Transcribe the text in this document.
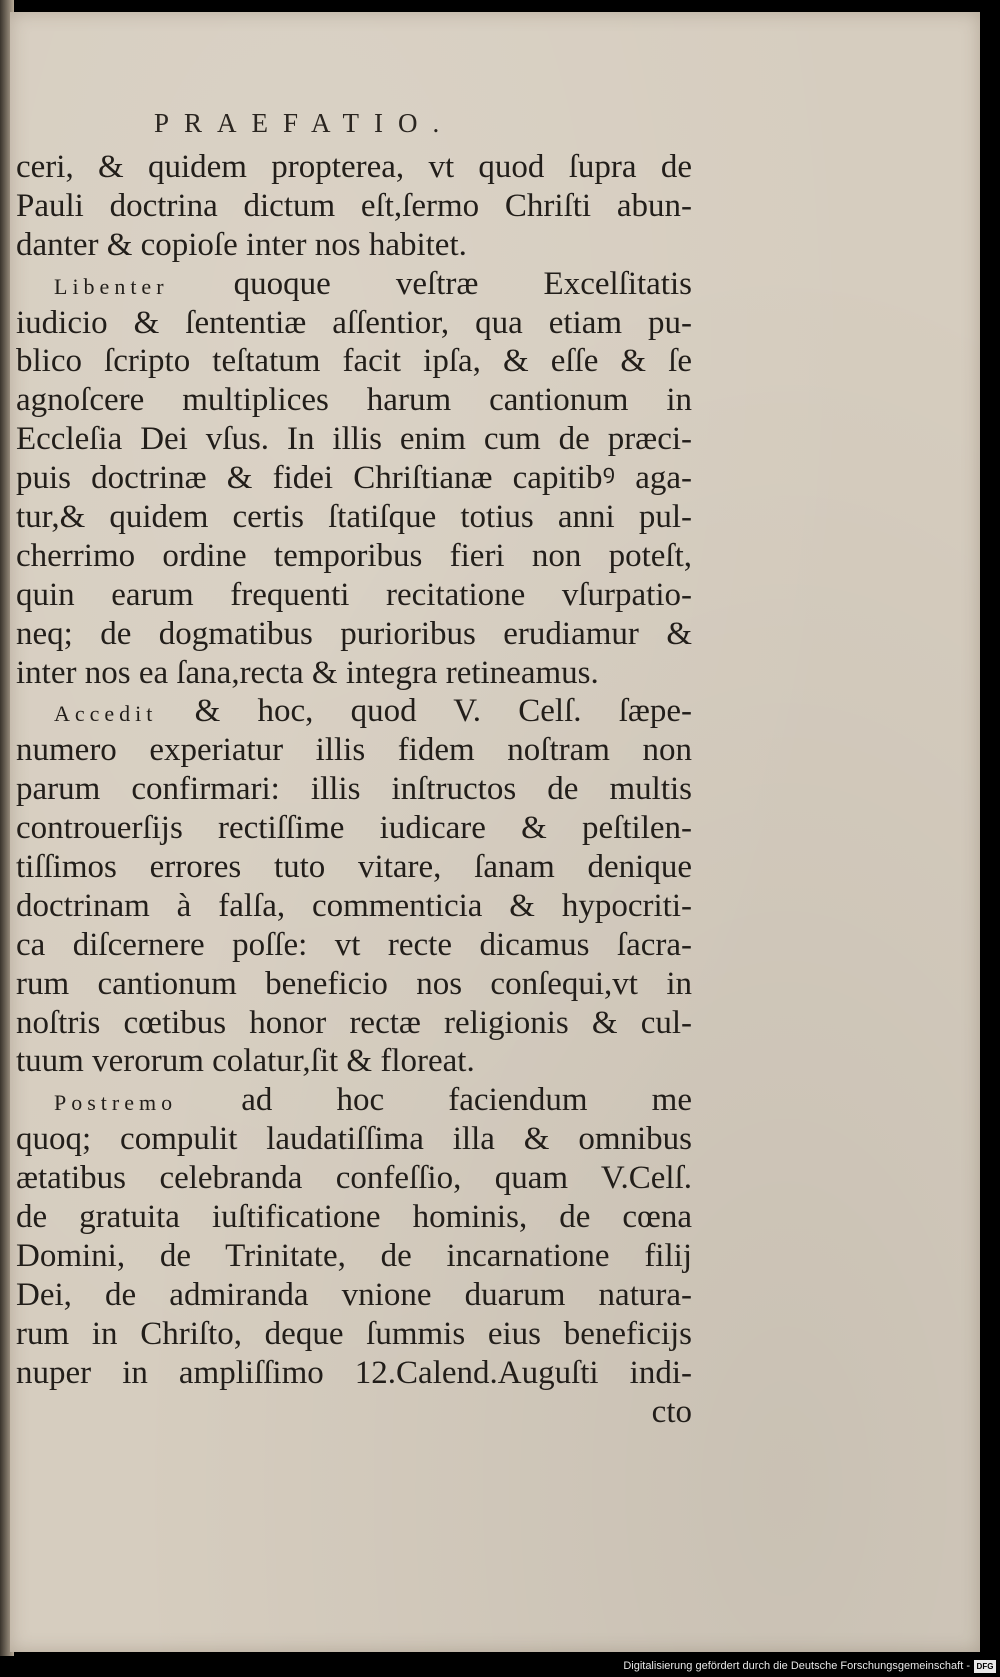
PRAEFATIO.
ceri, & quidem propterea, vt quod ſupra de
Pauli doctrina dictum eſt,ſermo Chriſti abun-
danter & copioſe inter nos habitet.
Libenter quoque veſtræ Excelſitatis
iudicio & ſententiæ aſſentior, qua etiam pu-
blico ſcripto teſtatum facit ipſa, & eſſe & ſe
agnoſcere multiplices harum cantionum in
Eccleſia Dei vſus. In illis enim cum de præci-
puis doctrinæ & fidei Chriſtianæ capitibꝰ aga-
tur,& quidem certis ſtatiſque totius anni pul-
cherrimo ordine temporibus fieri non poteſt,
quin earum frequenti recitatione vſurpatio-
neq; de dogmatibus purioribus erudiamur &
inter nos ea ſana,recta & integra retineamus.
Accedit & hoc, quod V. Celſ. ſæpe-
numero experiatur illis fidem noſtram non
parum confirmari: illis inſtructos de multis
controuerſijs rectiſſime iudicare & peſtilen-
tiſſimos errores tuto vitare, ſanam denique
doctrinam à falſa, commenticia & hypocriti-
ca diſcernere poſſe: vt recte dicamus ſacra-
rum cantionum beneficio nos conſequi,vt in
noſtris cœtibus honor rectæ religionis & cul-
tuum verorum colatur,ſit & floreat.
Postremo ad hoc faciendum me
quoq; compulit laudatiſſima illa & omnibus
ætatibus celebranda confeſſio, quam V.Celſ.
de gratuita iuſtificatione hominis, de cœna
Domini, de Trinitate, de incarnatione filij
Dei, de admiranda vnione duarum natura-
rum in Chriſto, deque ſummis eius beneficijs
nuper in ampliſſimo 12.Calend.Auguſti indi-
cto
Digitalisierung gefördert durch die Deutsche Forschungsgemeinschaft - DFG
